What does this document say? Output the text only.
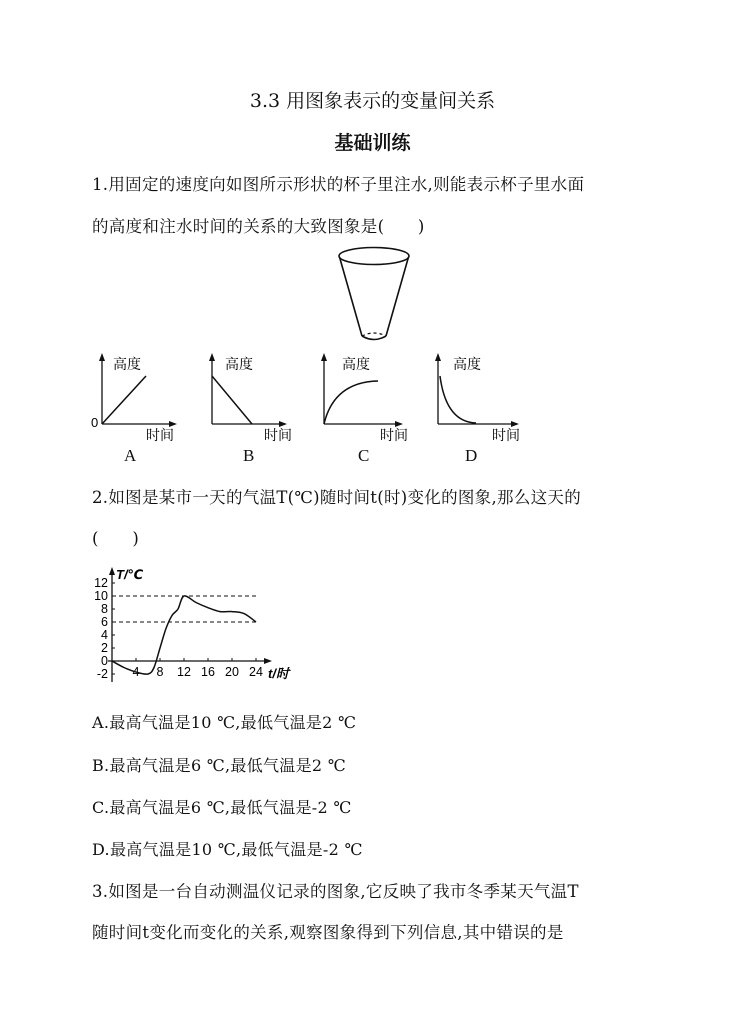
3.3 用图象表示的变量间关系
基础训练
1.用固定的速度向如图所示形状的杯子里注水,则能表示杯子里水面
的高度和注水时间的关系的大致图象是(　　)
高度
时间
0
A
高度
时间
B
高度
时间
C
高度
时间
D
2.如图是某市一天的气温T(℃)随时间t(时)变化的图象,那么这天的
(　　)
-2
0
2
4
6
8
10
12
4 8 12 16 20 24
T/℃
t/时
A.最高气温是10 ℃,最低气温是2 ℃
B.最高气温是6 ℃,最低气温是2 ℃
C.最高气温是6 ℃,最低气温是-2 ℃
D.最高气温是10 ℃,最低气温是-2 ℃
3.如图是一台自动测温仪记录的图象,它反映了我市冬季某天气温T
随时间t变化而变化的关系,观察图象得到下列信息,其中错误的是
